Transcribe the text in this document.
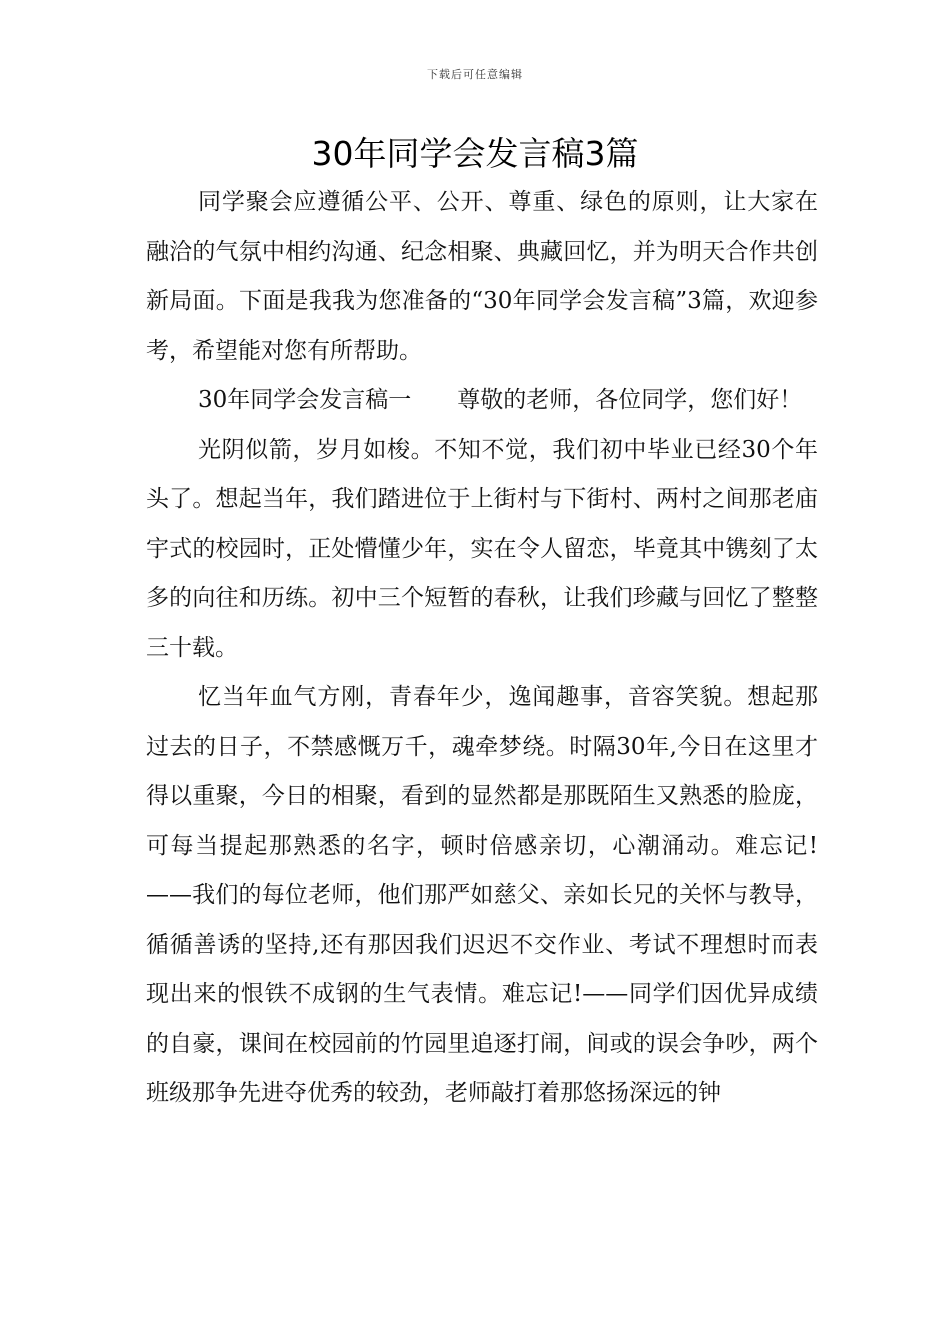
下载后可任意编辑
30年同学会发言稿3篇

同学聚会应遵循公平、公开、尊重、绿色的原则，让大家在融洽的气氛中相约沟通、纪念相聚、典藏回忆，并为明天合作共创新局面。下面是我我为您准备的“30年同学会发言稿”3篇，欢迎参考，希望能对您有所帮助。

30年同学会发言稿一　　尊敬的老师，各位同学，您们好！

光阴似箭，岁月如梭。不知不觉，我们初中毕业已经30个年头了。想起当年，我们踏进位于上街村与下街村、两村之间那老庙宇式的校园时，正处懵懂少年，实在令人留恋，毕竟其中镌刻了太多的向往和历练。初中三个短暂的春秋，让我们珍藏与回忆了整整三十载。

忆当年血气方刚，青春年少，逸闻趣事，音容笑貌。想起那过去的日子，不禁感慨万千，魂牵梦绕。时隔30年,今日在这里才得以重聚，今日的相聚，看到的显然都是那既陌生又熟悉的脸庞，可每当提起那熟悉的名字，顿时倍感亲切，心潮涌动。难忘记!——我们的每位老师，他们那严如慈父、亲如长兄的关怀与教导，循循善诱的坚持,还有那因我们迟迟不交作业、考试不理想时而表现出来的恨铁不成钢的生气表情。难忘记!——同学们因优异成绩的自豪，课间在校园前的竹园里追逐打闹，间或的误会争吵，两个班级那争先进夺优秀的较劲，老师敲打着那悠扬深远的钟
